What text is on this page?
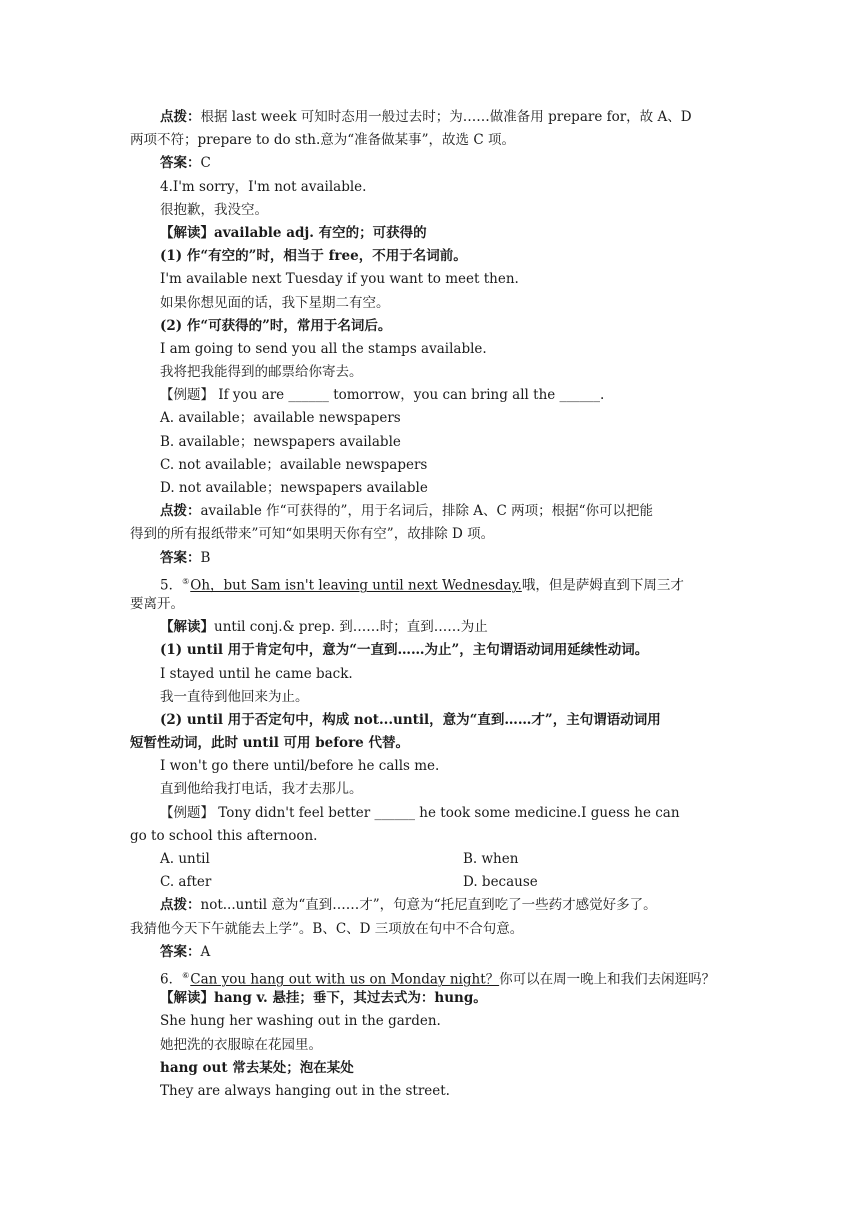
点拨：根据 last week 可知时态用一般过去时；为……做准备用 prepare for，故 A、D
两项不符；prepare to do sth.意为“准备做某事”，故选 C 项。
答案：C
4.I'm sorry，I'm not available.
很抱歉，我没空。
【解读】available adj. 有空的；可获得的
(1) 作“有空的”时，相当于 free，不用于名词前。
I'm available next Tuesday if you want to meet then.
如果你想见面的话，我下星期二有空。
(2) 作“可获得的”时，常用于名词后。
I am going to send you all the stamps available.
我将把我能得到的邮票给你寄去。
【例题】 If you are ______ tomorrow，you can bring all the ______.
A. available；available newspapers
B. available；newspapers available
C. not available；available newspapers
D. not available；newspapers available
点拨：available 作“可获得的”，用于名词后，排除 A、C 两项；根据“你可以把能
得到的所有报纸带来”可知“如果明天你有空”，故排除 D 项。
答案：B
5．⑤Oh，but Sam isn't leaving until next Wednesday.哦，但是萨姆直到下周三才
要离开。
【解读】until conj.& prep. 到……时；直到……为止
(1) until 用于肯定句中，意为“一直到……为止”，主句谓语动词用延续性动词。
I stayed until he came back.
我一直待到他回来为止。
(2) until 用于否定句中，构成 not...until，意为“直到……才”，主句谓语动词用
短暂性动词，此时 until 可用 before 代替。
I won't go there until/before he calls me.
直到他给我打电话，我才去那儿。
【例题】 Tony didn't feel better ______ he took some medicine.I guess he can
go to school this afternoon.
A. until	B. when
C. after	D. because
点拨：not...until 意为“直到……才”，句意为“托尼直到吃了一些药才感觉好多了。
我猜他今天下午就能去上学”。B、C、D 三项放在句中不合句意。
答案：A
6．⑥Can you hang out with us on Monday night？你可以在周一晚上和我们去闲逛吗？
【解读】hang v. 悬挂；垂下，其过去式为：hung。
She hung her washing out in the garden.
她把洗的衣服晾在花园里。
hang out 常去某处；泡在某处
They are always hanging out in the street.
